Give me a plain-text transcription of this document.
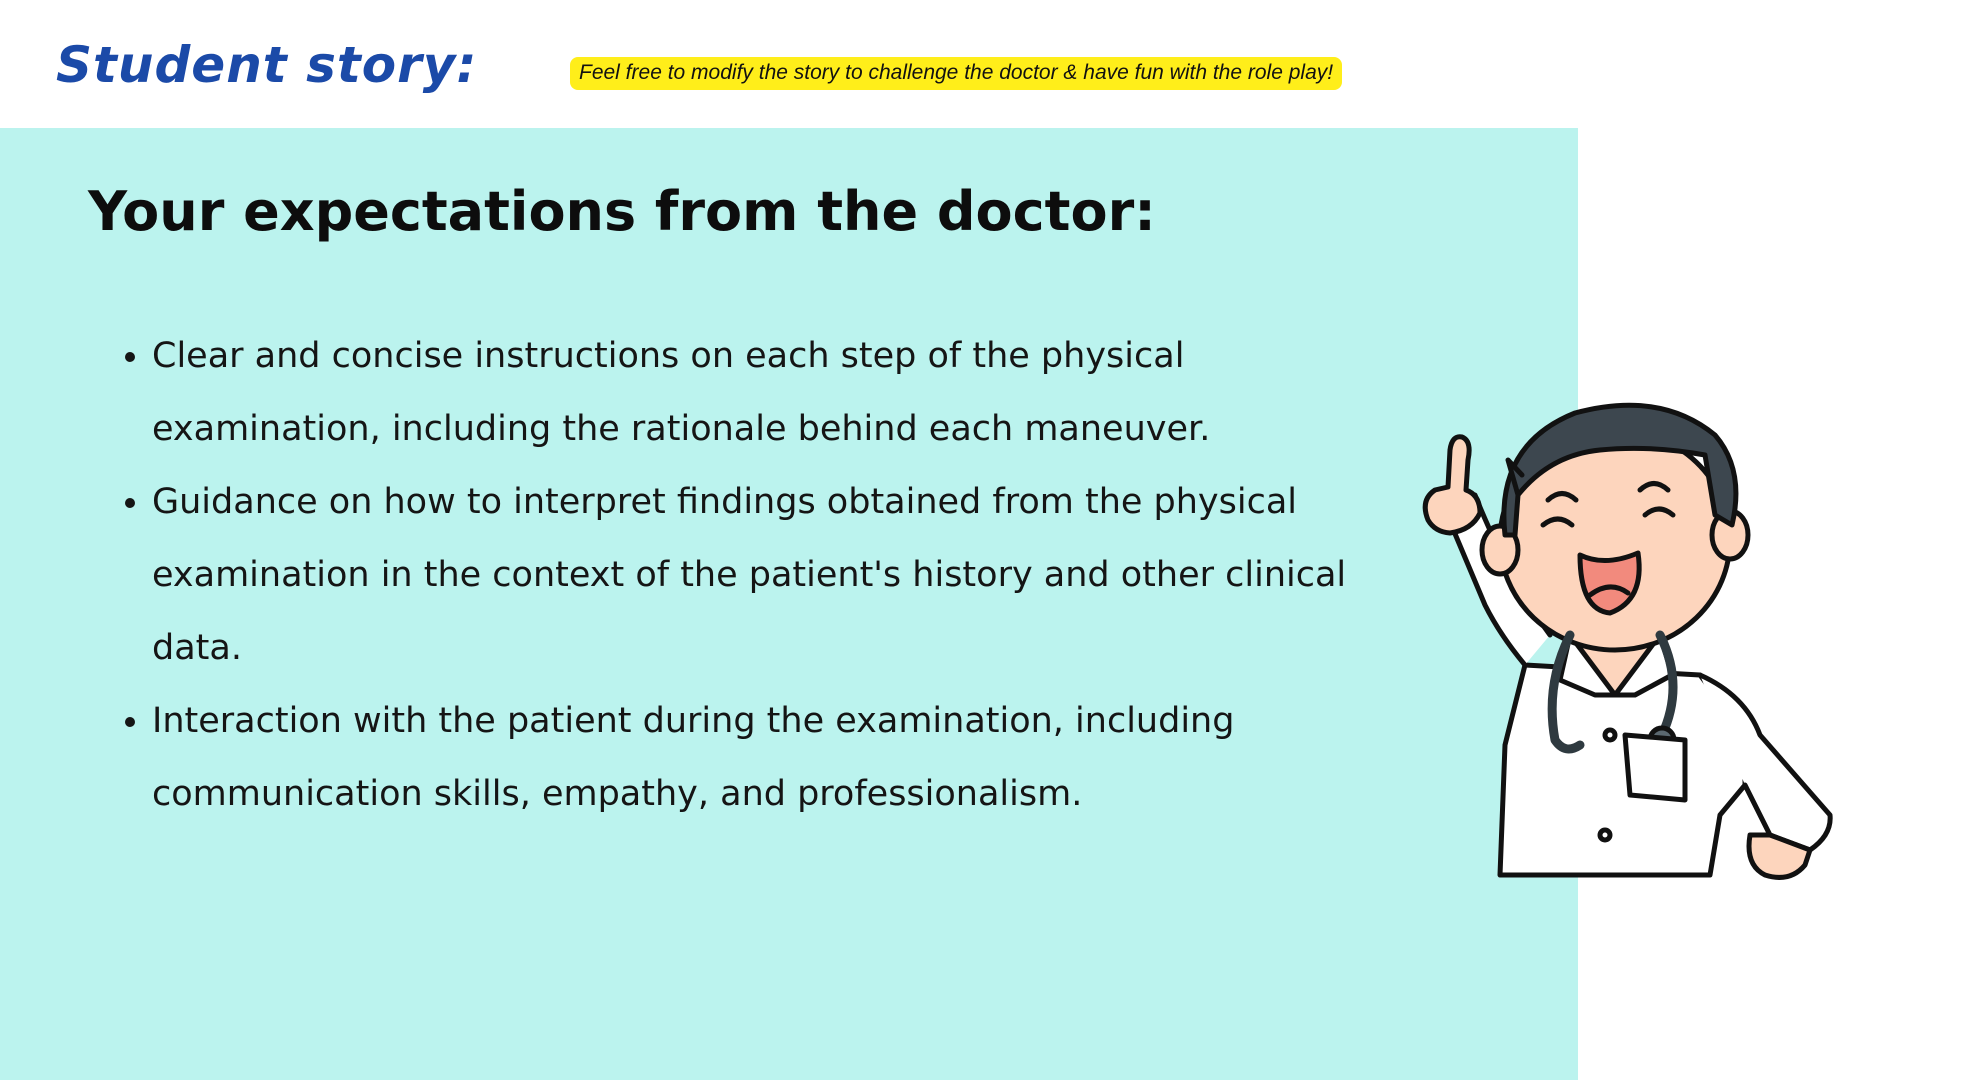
Student story:	Feel free to modify the story to challenge the doctor & have fun with the role play!
Your expectations from the doctor:
• Clear and concise instructions on each step of the physical examination, including the rationale behind each maneuver.
• Guidance on how to interpret findings obtained from the physical examination in the context of the patient's history and other clinical data.
• Interaction with the patient during the examination, including communication skills, empathy, and professionalism.
